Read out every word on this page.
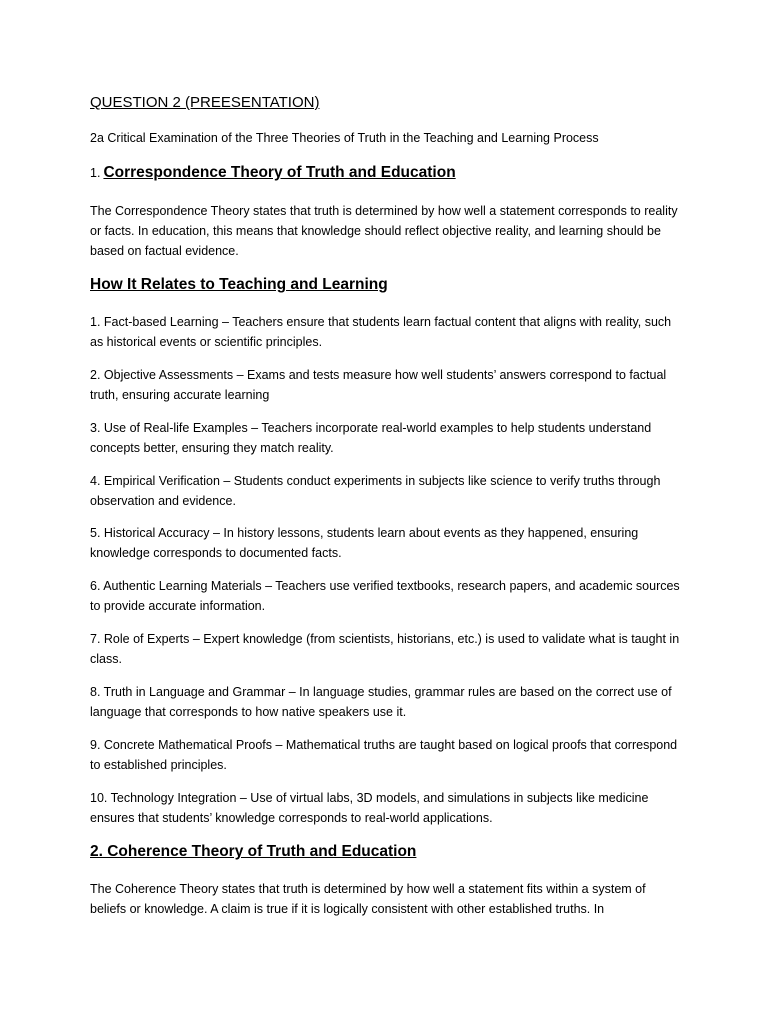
QUESTION 2 (PREESENTATION)
2a Critical Examination of the Three Theories of Truth in the Teaching and Learning Process
1. Correspondence Theory of Truth and Education
The Correspondence Theory states that truth is determined by how well a statement corresponds to reality or facts. In education, this means that knowledge should reflect objective reality, and learning should be based on factual evidence.
How It Relates to Teaching and Learning
1. Fact-based Learning – Teachers ensure that students learn factual content that aligns with reality, such as historical events or scientific principles.
2. Objective Assessments – Exams and tests measure how well students’ answers correspond to factual truth, ensuring accurate learning
3. Use of Real-life Examples – Teachers incorporate real-world examples to help students understand concepts better, ensuring they match reality.
4. Empirical Verification – Students conduct experiments in subjects like science to verify truths through observation and evidence.
5. Historical Accuracy – In history lessons, students learn about events as they happened, ensuring knowledge corresponds to documented facts.
6. Authentic Learning Materials – Teachers use verified textbooks, research papers, and academic sources to provide accurate information.
7. Role of Experts – Expert knowledge (from scientists, historians, etc.) is used to validate what is taught in class.
8. Truth in Language and Grammar – In language studies, grammar rules are based on the correct use of language that corresponds to how native speakers use it.
9. Concrete Mathematical Proofs – Mathematical truths are taught based on logical proofs that correspond to established principles.
10. Technology Integration – Use of virtual labs, 3D models, and simulations in subjects like medicine ensures that students’ knowledge corresponds to real-world applications.
2. Coherence Theory of Truth and Education
The Coherence Theory states that truth is determined by how well a statement fits within a system of beliefs or knowledge. A claim is true if it is logically consistent with other established truths. In
